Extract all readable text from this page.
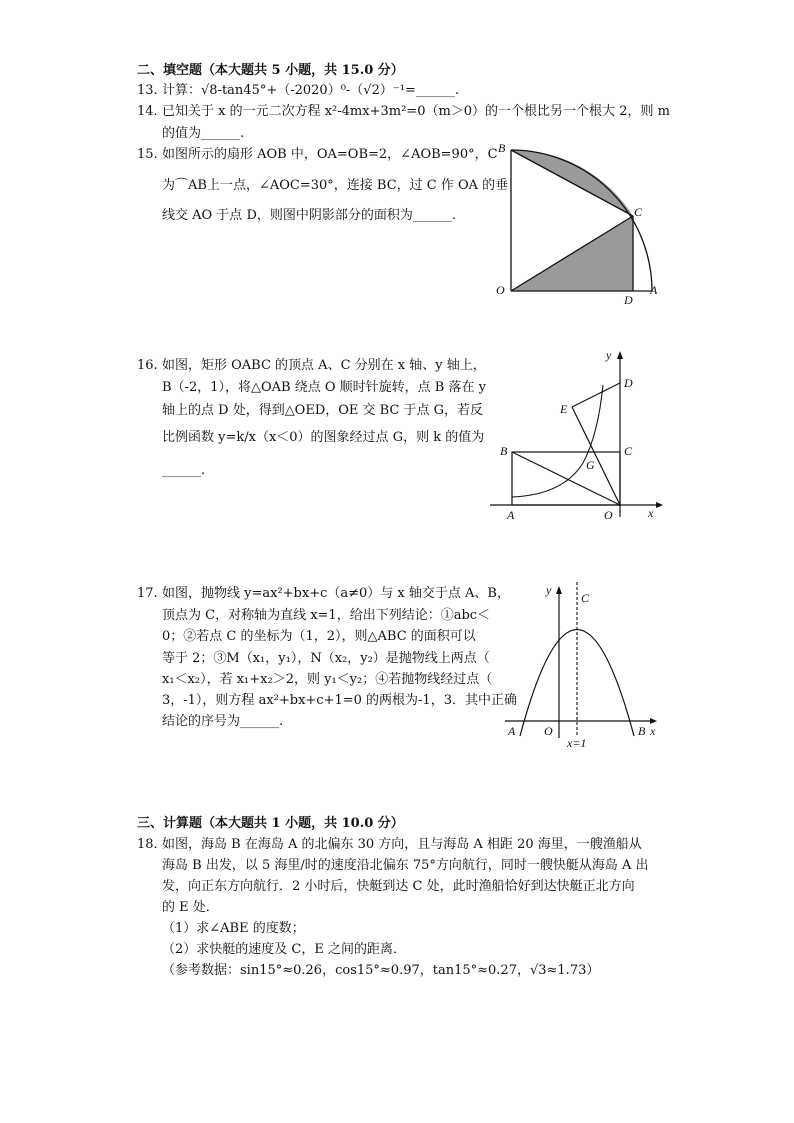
二、填空题（本大题共 5 小题，共 15.0 分）
13. 计算：√8-tan45°+（-2020）⁰-（√2）⁻¹=______.
14. 已知关于 x 的一元二次方程 x²-4mx+3m²=0（m＞0）的一个根比另一个根大 2，则 m
的值为______.
15. 如图所示的扇形 AOB 中，OA=OB=2，∠AOB=90°，C
为⌒AB上一点，∠AOC=30°，连接 BC，过 C 作 OA 的垂
线交 AO 于点 D，则图中阴影部分的面积为______.
B
C
O
D
A
16. 如图，矩形 OABC 的顶点 A、C 分别在 x 轴、y 轴上，
B（-2，1），将△OAB 绕点 O 顺时针旋转，点 B 落在 y
轴上的点 D 处，得到△OED，OE 交 BC 于点 G，若反
比例函数 y=k/x（x＜0）的图象经过点 G，则 k 的值为
______.
y
D
E
B
G
C
A	O	x
17. 如图，抛物线 y=ax²+bx+c（a≠0）与 x 轴交于点 A、B，
顶点为 C，对称轴为直线 x=1，给出下列结论：①abc＜
0；②若点 C 的坐标为（1，2），则△ABC 的面积可以
等于 2；③M（x₁，y₁），N（x₂，y₂）是抛物线上两点（
x₁＜x₂），若 x₁+x₂＞2，则 y₁＜y₂；④若抛物线经过点（
3，-1），则方程 ax²+bx+c+1=0 的两根为-1，3．其中正确
结论的序号为______.
y
C
A O	B x
x=1
三、计算题（本大题共 1 小题，共 10.0 分）
18. 如图，海岛 B 在海岛 A 的北偏东 30 方向，且与海岛 A 相距 20 海里，一艘渔船从
海岛 B 出发，以 5 海里/时的速度沿北偏东 75°方向航行，同时一艘快艇从海岛 A 出
发，向正东方向航行．2 小时后，快艇到达 C 处，此时渔船恰好到达快艇正北方向
的 E 处．
（1）求∠ABE 的度数；
（2）求快艇的速度及 C，E 之间的距离．
（参考数据：sin15°≈0.26，cos15°≈0.97，tan15°≈0.27，√3≈1.73）
